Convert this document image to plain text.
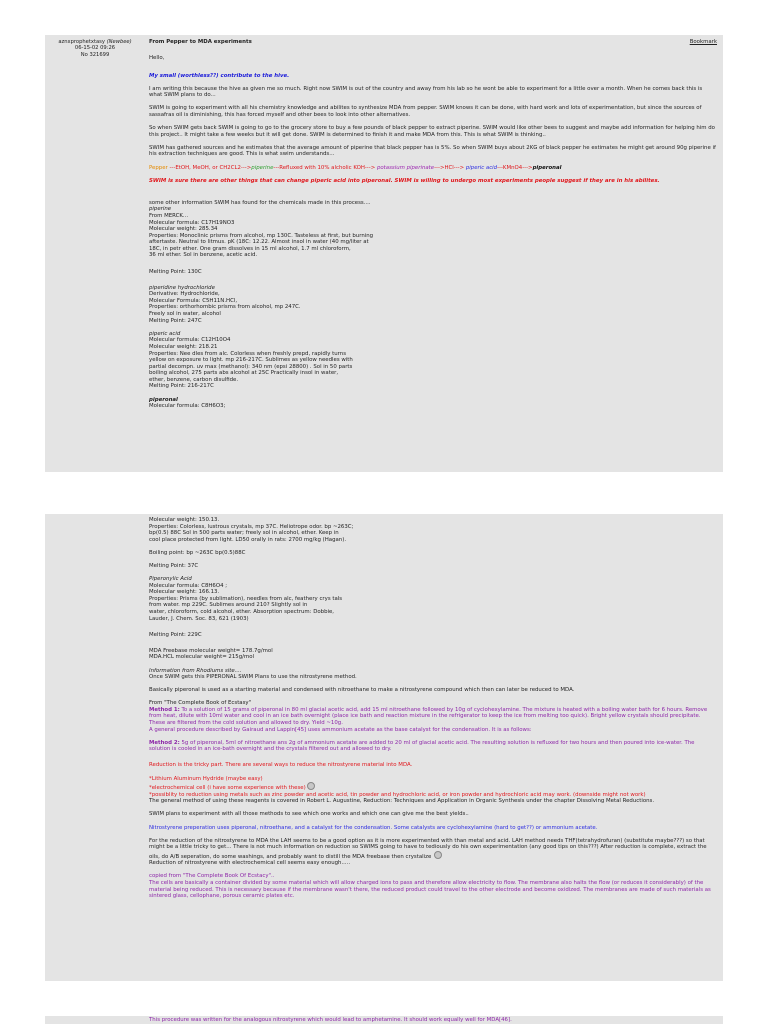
aznxprophetxtasy (Newbee)
06-15-02 09:26
No 321699
From Pepper to MDA experiments	Bookmark

Hello,

My small (worthless??) contribute to the hive.

I am writing this because the hive as given me so much. Right now SWIM is out of the country and away from his lab so he wont be able to experiment for a little over a month. When he comes back this is what SWIM plans to do...

SWIM is going to experiment with all his chemistry knowledge and abilites to synthesize MDA from pepper. SWIM knows it can be done, with hard work and lots of experimentation, but since the sources of sassafras oil is diminishing, this has forced myself and other bees to look into other alternatives.

So when SWIM gets back SWIM is going to go to the grocery store to buy a few pounds of black pepper to extract piperine. SWIM would like other bees to suggest and maybe add information for helping him do this project.. It might take a few weeks but it will get done. SWIM is determined to finish it and make MDA from this. This is what SWIM is thinking..

SWIM has gathered sources and he estimates that the average amount of piperine that black pepper has is 5%. So when SWIM buys about 2KG of black pepper he estimates he might get around 90g piperine if his extraction techniques are good. This is what swim understands...

Pepper ---EtOH, MeOH, or CH2CL2--->piperine---Refluxed with 10% alcholic KOH---> potassium piperinate--->HCl---> piperic acid---KMnO4--->piperonal

SWIM is sure there are other things that can change piperic acid into piperonal. SWIM is willing to undergo most experiments people suggest if they are in his abilites.

some other information SWIM has found for the chemicals made in this process....
piperine

From MERCK...
Molecular formula: C17H19NO3
Molecular weight: 285.34
Properties: Monoclinic prisms from alcohol, mp 130C. Tasteless at first, but burning
aftertaste. Neutral to litmus. pK (18C: 12.22. Almost insol in water (40 mg/liter at
18C, in petr ether. One gram dissolves in 15 ml alcohol, 1.7 ml chloroform,
36 ml ether. Sol in benzene, acetic acid.

Melting Point: 130C

piperidine hydrochloride

Derivative: Hydrochloride,
Molecular Formula: C5H11N.HCl,
Properties: orthorhombic prisms from alcohol, mp 247C.
Freely sol in water, alcohol
Melting Point: 247C

piperic acid

Molecular formula: C12H10O4
Molecular weight: 218.21
Properties: Nee dles from alc. Colorless when freshly prepd, rapidly turns
yellow on exposure to light. mp 216-217C. Sublimes as yellow needles with
partial decompn. uv max (methanol): 340 nm (epsi 28800) . Sol in 50 parts
boiling alcohol, 275 parts abs alcohol at 25C Practically insol in water,
ether, benzene, carbon disulfide.
Melting Point: 216-217C

piperonal
Molecular formula: C8H6O3;

Molecular weight: 150.13.
Properties: Colorless, lustrous crystals, mp 37C. Heliotrope odor. bp ~263C;
bp(0.5) 88C Sol in 500 parts water; freely sol in alcohol, ether. Keep in
cool place protected from light. LD50 orally in rats: 2700 mg/kg (Hagan).

Boiling point: bp ~263C bp(0.5)88C

Melting Point: 37C

Piperonylic Acid

Molecular formula: C8H6O4 ;
Molecular weight: 166.13.
Properties: Prisms (by sublimation), needles from alc, feathery crys tals
from water. mp 229C. Sublimes around 210? Slightly sol in
water, chloroform, cold alcohol, ether. Absorption spectrum: Dobbie,
Lauder, J. Chem. Soc. 83, 621 (1903)

Melting Point: 229C

MDA Freebase molecular weight= 178.7g/mol
MDA.HCL molecular weight= 215g/mol

Information from Rhodiums site....

Once SWIM gets this PIPERONAL SWIM Plans to use the nitrostyrene method.

Basically piperonal is used as a starting material and condensed with nitroethane to make a nitrostyrene compound which then can later be reduced to MDA.

From "The Complete Book of Ecstasy"
Method 1: To a solution of 15 grams of piperonal in 80 ml glacial acetic acid, add 15 ml nitroethane followed by 10g of cyclohexylamine. The mixture is heated with a boiling water bath for 6 hours. Remove from heat, dilute with 10ml water and cool in an ice bath overnight (place ice bath and reaction mixture in the refrigerator to keep the ice from melting too quick). Bright yellow crystals should precipitate. These are filtered from the cold solution and allowed to dry. Yield ~10g.

A general procedure described by Gairaud and Lappin[45] uses ammonium acetate as the base catalyst for the condensation. It is as follows:

Method 2: 5g of piperonal, 5ml of nitroethane ans 2g of ammonium acetate are added to 20 ml of glacial acetic acid. The resulting solution is refluxed for two hours and then poured into ice-water. The solution is cooled in an ice-bath overnight and the crystals filtered out and allowed to dry.

Reduction is the tricky part. There are several ways to reduce the nitrostyrene material into MDA.

*Lithium Aluminum Hydride (maybe easy)
*electrochemical cell (i have some experience with these)
*possiblity to reduction using metals such as zinc powder and acetic acid, tin powder and hydrochloric acid, or iron powder and hydrochloric acid may work. (downside might not work)

The general method of using these reagents is covered in Robert L. Augustine, Reduction: Techniques and Application in Organic Synthesis under the chapter Dissolving Metal Reductions.

SWIM plans to experiment with all those methods to see which one works and which one can give me the best yields..

Nitrostyrene preperation uses piperonal, nitroethane, and a catalyst for the condensation. Some catalysts are cyclohexylamine (hard to get??) or ammonium acetate.

For the reduction of the nitrostyrene to MDA the LAH seems to be a good option as it is more experimented with than metal and acid. LAH method needs THF(tetrahydrofuran) (substitute maybe???) so that might be a little tricky to get... There is not much information on reduction so SWIMS going to have to tediously do his own experimentation (any good tips on this???) After reduction is complete, extract the oils, do A/B seperation, do some washings, and probably want to distill the MDA freebase then crystalize

Reduction of nitrostyrene with electrochemical cell seems easy enough.....

copied from "The Complete Book Of Ecstacy"..

The cells are basically a container divided by some material which will allow charged ions to pass and therefore allow electricity to flow. The membrane also halts the flow (or reduces it considerably) of the material being reduced. This is necessary because if the membrane wasn't there, the reduced product could travel to the other electrode and become oxidized. The membranes are made of such materials as sintered glass, cellophane, porous ceramic plates etc.

This procedure was written for the analogous nitrostyrene which would lead to amphetamine. It should work equally well for MDA[46].
